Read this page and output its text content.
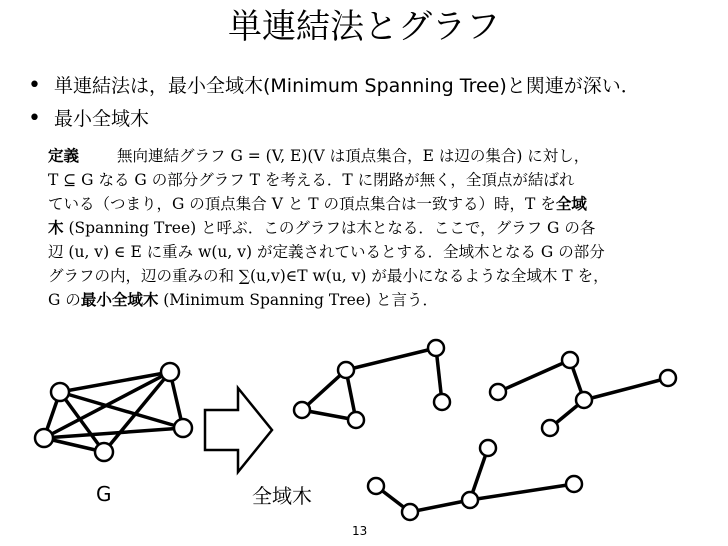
単連結法とグラフ
• 単連結法は，最小全域木(Minimum Spanning Tree)と関連が深い．
• 最小全域木
定義 無向連結グラフ G = (V, E)(V は頂点集合，E は辺の集合) に対し，
T ⊆ G なる G の部分グラフ T を考える．T に閉路が無く，全頂点が結ばれ
ている（つまり，G の頂点集合 V と T の頂点集合は一致する）時，T を全域
木 (Spanning Tree) と呼ぶ．このグラフは木となる．ここで，グラフ G の各
辺 (u, v) ∈ E に重み w(u, v) が定義されているとする．全域木となる G の部分
グラフの内，辺の重みの和 ∑(u,v)∈T w(u, v) が最小になるような全域木 T を，
G の最小全域木 (Minimum Spanning Tree) と言う．
G	全域木
13
